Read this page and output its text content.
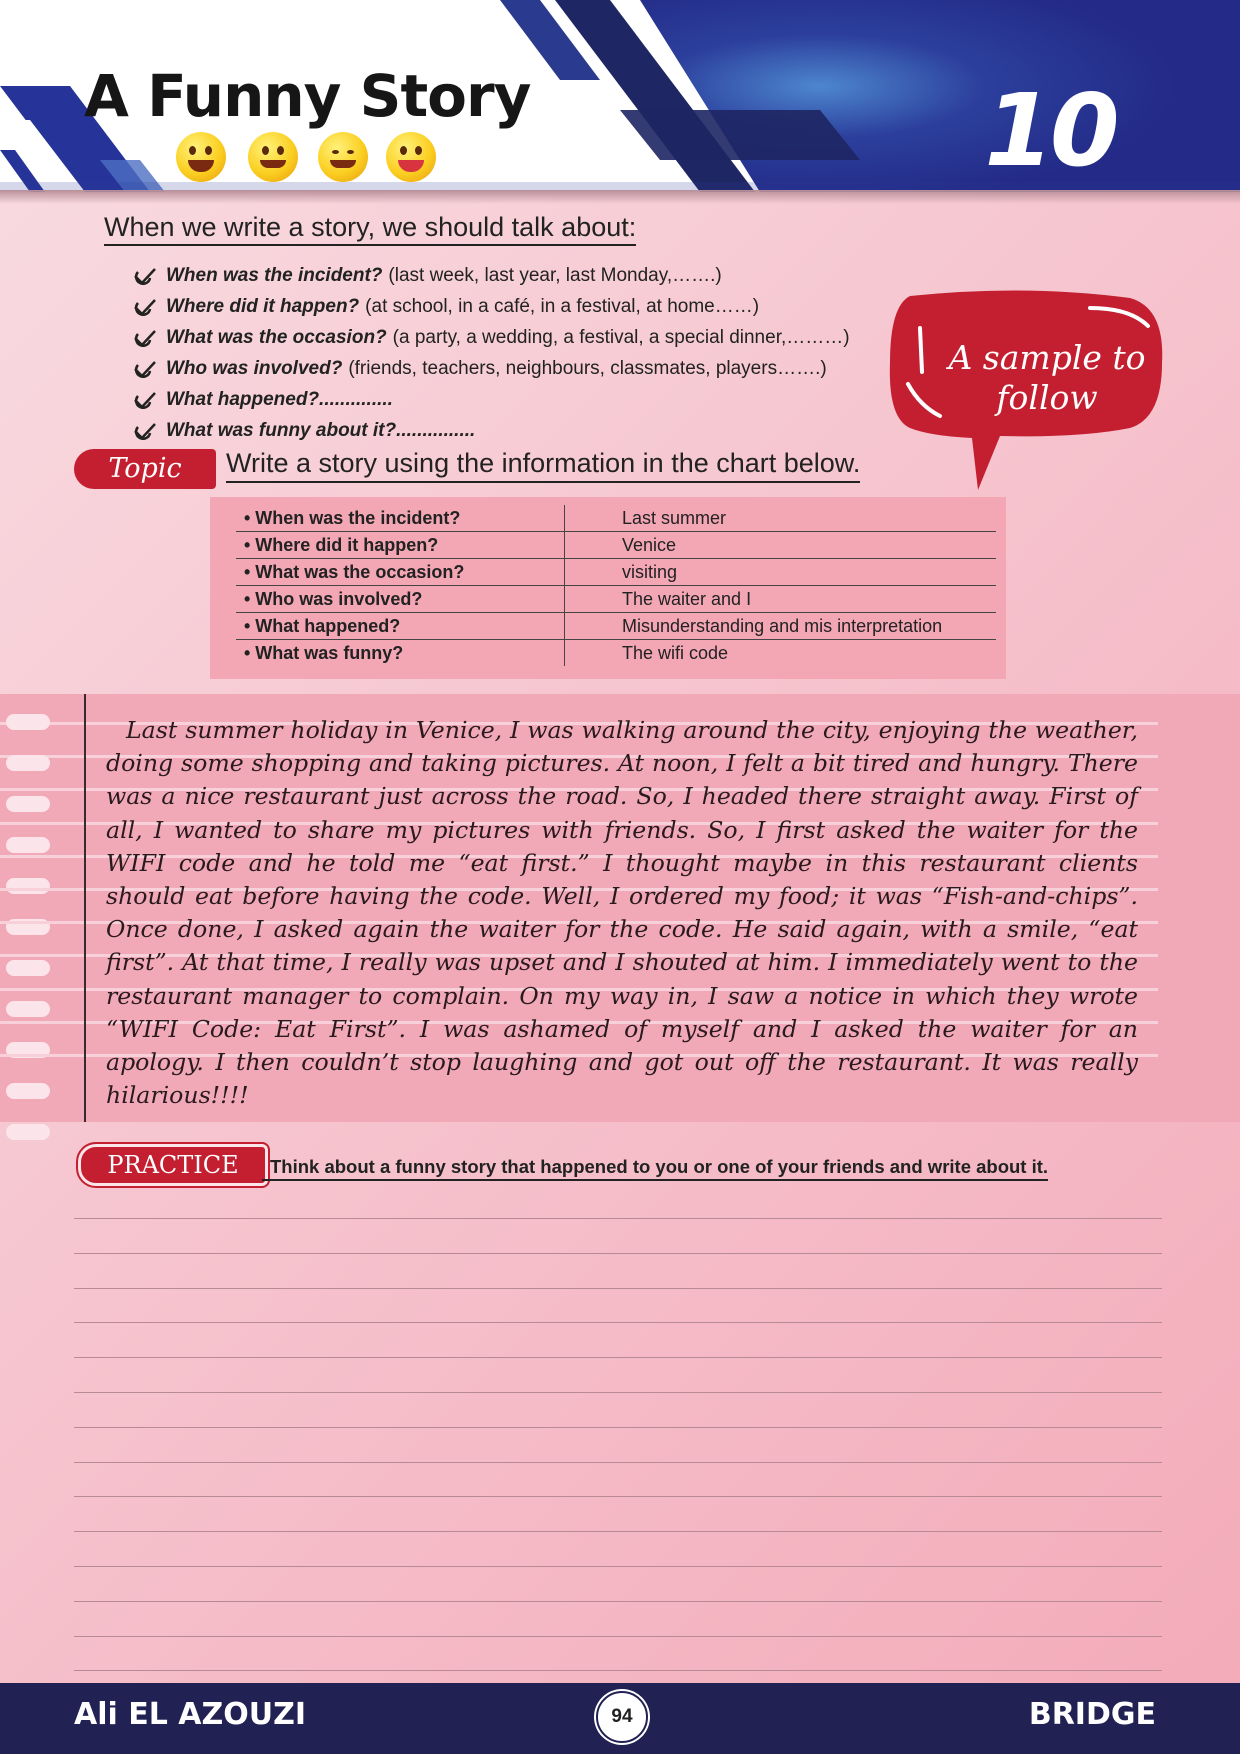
A Funny Story	10
When we write a story, we should talk about:
When was the incident? (last week, last year, last Monday,…….)
Where did it happen? (at school, in a café, in a festival, at home……)
What was the occasion? (a party, a wedding, a festival, a special dinner,………)
Who was involved? (friends, teachers, neighbours, classmates, players…….)
What happened?..............
What was funny about it?...............
A sample to
follow
Topic	Write a story using the information in the chart below.
• When was the incident?	Last summer
• Where did it happen?	Venice
• What was the occasion?	visiting
• Who was involved?	The waiter and I
• What happened?	Misunderstanding and mis interpretation
• What was funny?	The wifi code

Last summer holiday in Venice, I was walking around the city, enjoying the weather, doing some shopping and taking pictures. At noon, I felt a bit tired and hungry. There was a nice restaurant just across the road. So, I headed there straight away. First of all, I wanted to share my pictures with friends. So, I first asked the waiter for the WIFI code and he told me “eat first.” I thought maybe in this restaurant clients should eat before having the code. Well, I ordered my food; it was “Fish-and-chips”. Once done, I asked again the waiter for the code. He said again, with a smile, “eat first”. At that time, I really was upset and I shouted at him. I immediately went to the restaurant manager to complain. On my way in, I saw a notice in which they wrote “WIFI Code: Eat First”. I was ashamed of myself and I asked the waiter for an apology. I then couldn’t stop laughing and got out off the restaurant. It was really hilarious!!!!

PRACTICE	Think about a funny story that happened to you or one of your friends and write about it.
Ali EL AZOUZI	94	BRIDGE
